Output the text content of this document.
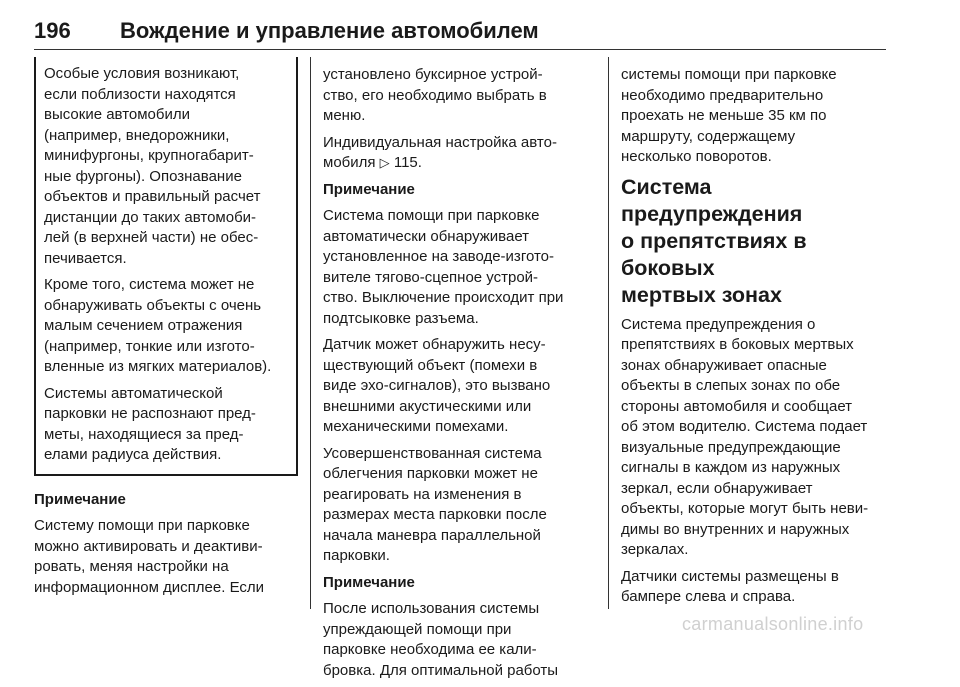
196 Вождение и управление автомобилем

Особые условия возникают,
если поблизости находятся
высокие автомобили
(например, внедорожники,
минифургоны, крупногабарит-
ные фургоны). Опознавание
объектов и правильный расчет
дистанции до таких автомоби-
лей (в верхней части) не обес-
печивается.

Кроме того, система может не
обнаруживать объекты с очень
малым сечением отражения
(например, тонкие или изгото-
вленные из мягких материалов).

Системы автоматической
парковки не распознают пред-
меты, находящиеся за пред-
елами радиуса действия.

Примечание

Систему помощи при парковке
можно активировать и деактиви-
ровать, меняя настройки на
информационном дисплее. Если

установлено буксирное устрой-
ство, его необходимо выбрать в
меню.

Индивидуальная настройка авто-
мобиля ▷ 115.

Примечание

Система помощи при парковке
автоматически обнаруживает
установленное на заводе-изгото-
вителе тягово-сцепное устрой-
ство. Выключение происходит при
подтсыковке разъема.

Датчик может обнаружить несу-
ществующий объект (помехи в
виде эхо-сигналов), это вызвано
внешними акустическими или
механическими помехами.

Усовершенствованная система
облегчения парковки может не
реагировать на изменения в
размерах места парковки после
начала маневра параллельной
парковки.

Примечание

После использования системы
упреждающей помощи при
парковке необходима ее кали-
бровка. Для оптимальной работы

системы помощи при парковке
необходимо предварительно
проехать не меньше 35 км по
маршруту, содержащему
несколько поворотов.

Система предупреждения
о препятствиях в боковых
мертвых зонах

Система предупреждения о
препятствиях в боковых мертвых
зонах обнаруживает опасные
объекты в слепых зонах по обе
стороны автомобиля и сообщает
об этом водителю. Система подает
визуальные предупреждающие
сигналы в каждом из наружных
зеркал, если обнаруживает
объекты, которые могут быть неви-
димы во внутренних и наружных
зеркалах.

Датчики системы размещены в
бампере слева и справа.

carmanualsonline.info
